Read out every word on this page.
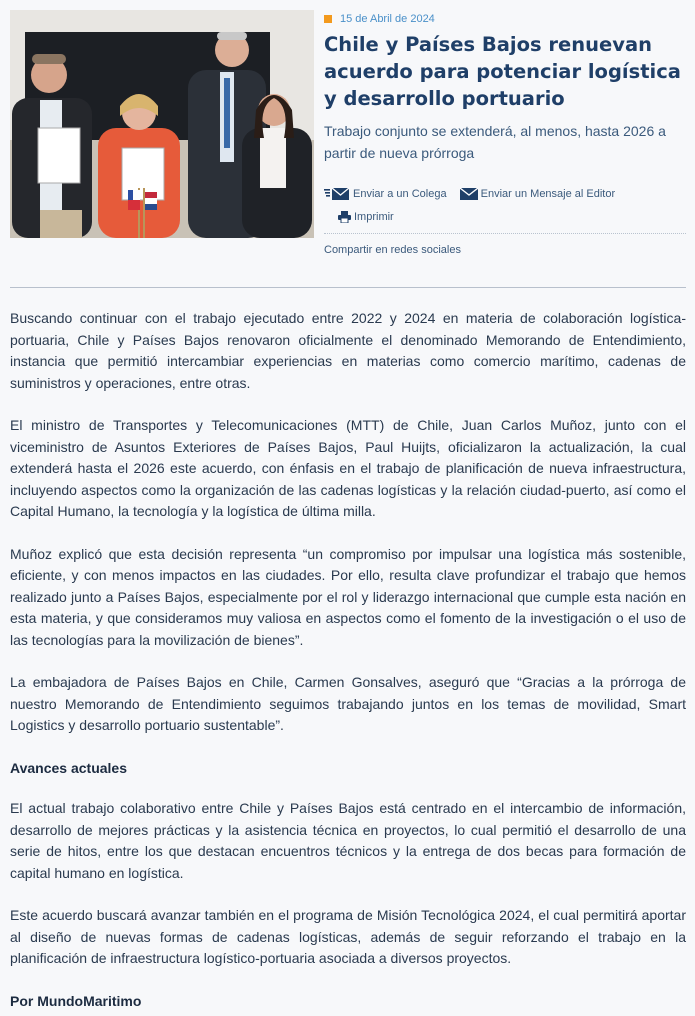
15 de Abril de 2024
Chile y Países Bajos renuevan acuerdo para potenciar logística y desarrollo portuario
Trabajo conjunto se extenderá, al menos, hasta 2026 a partir de nueva prórroga
Enviar a un Colega
	Enviar un Mensaje al Editor

Imprimir
Compartir en redes sociales

Buscando continuar con el trabajo ejecutado entre 2022 y 2024 en materia de colaboración logística-portuaria, Chile y Países Bajos renovaron oficialmente el denominado Memorando de Entendimiento, instancia que permitió intercambiar experiencias en materias como comercio marítimo, cadenas de suministros y operaciones, entre otras.

El ministro de Transportes y Telecomunicaciones (MTT) de Chile, Juan Carlos Muñoz, junto con el viceministro de Asuntos Exteriores de Países Bajos, Paul Huijts, oficializaron la actualización, la cual extenderá hasta el 2026 este acuerdo, con énfasis en el trabajo de planificación de nueva infraestructura, incluyendo aspectos como la organización de las cadenas logísticas y la relación ciudad-puerto, así como el Capital Humano, la tecnología y la logística de última milla.

Muñoz explicó que esta decisión representa “un compromiso por impulsar una logística más sostenible, eficiente, y con menos impactos en las ciudades. Por ello, resulta clave profundizar el trabajo que hemos realizado junto a Países Bajos, especialmente por el rol y liderazgo internacional que cumple esta nación en esta materia, y que consideramos muy valiosa en aspectos como el fomento de la investigación o el uso de las tecnologías para la movilización de bienes”.

La embajadora de Países Bajos en Chile, Carmen Gonsalves, aseguró que “Gracias a la prórroga de nuestro Memorando de Entendimiento seguimos trabajando juntos en los temas de movilidad, Smart Logistics y desarrollo portuario sustentable”.

Avances actuales

El actual trabajo colaborativo entre Chile y Países Bajos está centrado en el intercambio de información, desarrollo de mejores prácticas y la asistencia técnica en proyectos, lo cual permitió el desarrollo de una serie de hitos, entre los que destacan encuentros técnicos y la entrega de dos becas para formación de capital humano en logística.

Este acuerdo buscará avanzar también en el programa de Misión Tecnológica 2024, el cual permitirá aportar al diseño de nuevas formas de cadenas logísticas, además de seguir reforzando el trabajo en la planificación de infraestructura logístico-portuaria asociada a diversos proyectos.

Por MundoMaritimo
